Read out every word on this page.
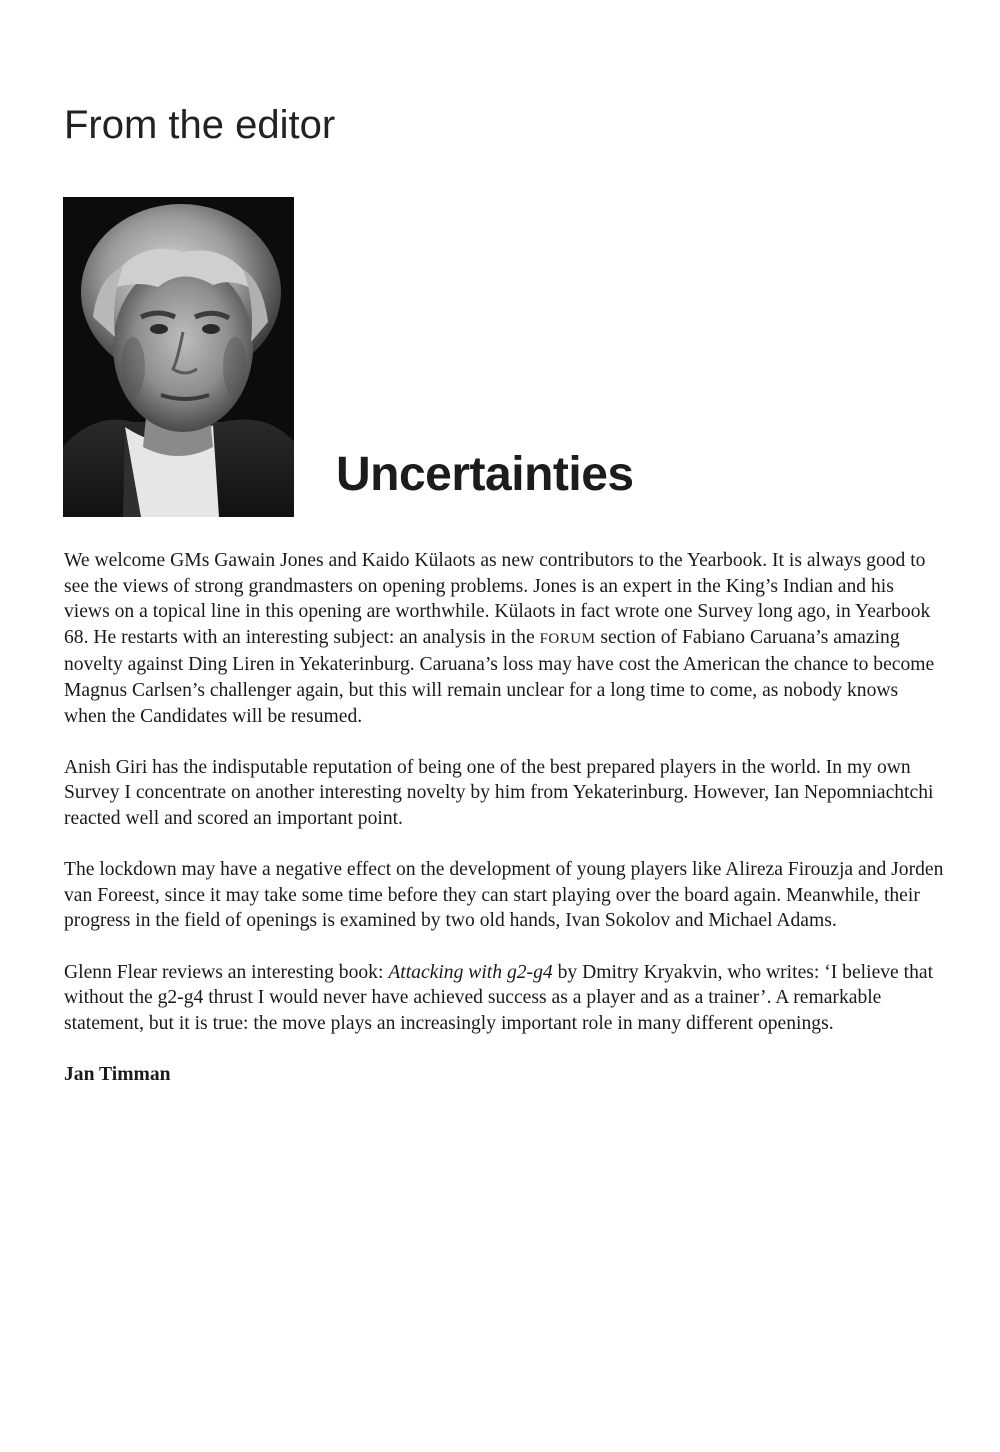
From the editor
Uncertainties

We welcome GMs Gawain Jones and Kaido Külaots as new contributors to the Yearbook. It is always good to see the views of strong grandmasters on opening problems. Jones is an expert in the King’s Indian and his views on a topical line in this opening are worthwhile. Külaots in fact wrote one Survey long ago, in Yearbook 68. He restarts with an interesting subject: an analysis in the FORUM section of Fabiano Caruana’s amazing novelty against Ding Liren in Yekaterinburg. Caruana’s loss may have cost the American the chance to become Magnus Carlsen’s challenger again, but this will remain unclear for a long time to come, as nobody knows when the Candidates will be resumed.

Anish Giri has the indisputable reputation of being one of the best prepared players in the world. In my own Survey I concentrate on another interesting novelty by him from Yekaterinburg. However, Ian Nepomniachtchi reacted well and scored an important point.

The lockdown may have a negative effect on the development of young players like Alireza Firouzja and Jorden van Foreest, since it may take some time before they can start playing over the board again. Meanwhile, their progress in the field of openings is examined by two old hands, Ivan Sokolov and Michael Adams.

Glenn Flear reviews an interesting book: Attacking with g2-g4 by Dmitry Kryakvin, who writes: ‘I believe that without the g2-g4 thrust I would never have achieved success as a player and as a trainer’. A remarkable statement, but it is true: the move plays an increasingly important role in many different openings.

Jan Timman
